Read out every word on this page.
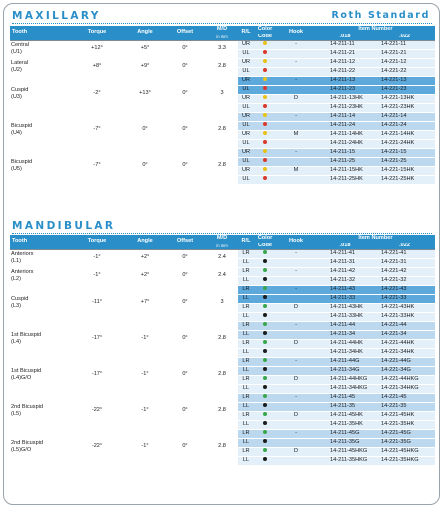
MAXILLARY	Roth Standard
Tooth	Torque	Angle	Offset	M/D	R/L	Color	Hook	Item Number	
				in mm		Code		.018	.022
Central
(U1)	+12°	+5°	0°	3.3	UR		-	14-211-11	14-221-11
					UL			14-211-21	14-221-21
Lateral
(U2)	+8°	+9°	0°	2.8	UR		-	14-211-12	14-221-12
					UL			14-211-22	14-221-22
Cuspid
(U3)	-2°	+13°	0°	3	UR		-	14-211-13	14-221-13
					UL			14-211-23	14-221-23
					UR		D	14-211-13HK	14-221-13HK
					UL			14-211-23HK	14-221-23HK
Bicuspid
(U4)	-7°	0°	0°	2.8	UR		-	14-211-14	14-221-14
					UL			14-211-24	14-221-24
					UR		M	14-211-14HK	14-221-14HK
					UL			14-211-24HK	14-221-24HK
Bicuspid
(U5)	-7°	0°	0°	2.8	UR		-	14-211-15	14-221-15
					UL			14-211-25	14-221-25
					UR		M	14-211-15HK	14-221-15HK
					UL			14-211-25HK	14-221-25HK
MANDIBULAR
Tooth	Torque	Angle	Offset	M/D	R/L	Color	Hook	Item Number	
				in mm		Code		.018	.022
Anteriors
(L1)	-1°	+2°	0°	2.4	LR		-	14-211-41	14-221-41
					LL			14-211-31	14-221-31
Anteriors
(L2)	-1°	+2°	0°	2.4	LR		-	14-211-42	14-221-42
					LL			14-211-32	14-221-32
Cuspid
(L3)	-11°	+7°	0°	3	LR		-	14-211-43	14-221-43
					LL			14-211-33	14-221-33
					LR		D	14-211-43HK	14-221-43HK
					LL			14-211-33HK	14-221-33HK
1st Bicuspid
(L4)	-17°	-1°	0°	2.8	LR		-	14-211-44	14-221-44
					LL			14-211-34	14-221-34
					LR		D	14-211-44HK	14-221-44HK
					LL			14-211-34HK	14-221-34HK
1st Bicuspid
(L4)G/O	-17°	-1°	0°	2.8	LR		-	14-211-44G	14-221-44G
					LL			14-211-34G	14-221-34G
					LR		D	14-211-44HKG	14-221-44HKG
					LL			14-211-34HKG	14-221-34HKG
2nd Bicuspid
(L5)	-22°	-1°	0°	2.8	LR		-	14-211-45	14-221-45
					LL			14-211-35	14-221-35
					LR		D	14-211-45HK	14-221-45HK
					LL			14-211-35HK	14-221-35HK
2nd Bicuspid
(L5)G/O	-22°	-1°	0°	2.8	LR		-	14-211-45G	14-221-45G
					LL			14-211-35G	14-221-35G
					LR		D	14-211-45HKG	14-221-45HKG
					LL			14-211-35HKG	14-221-35HKG
